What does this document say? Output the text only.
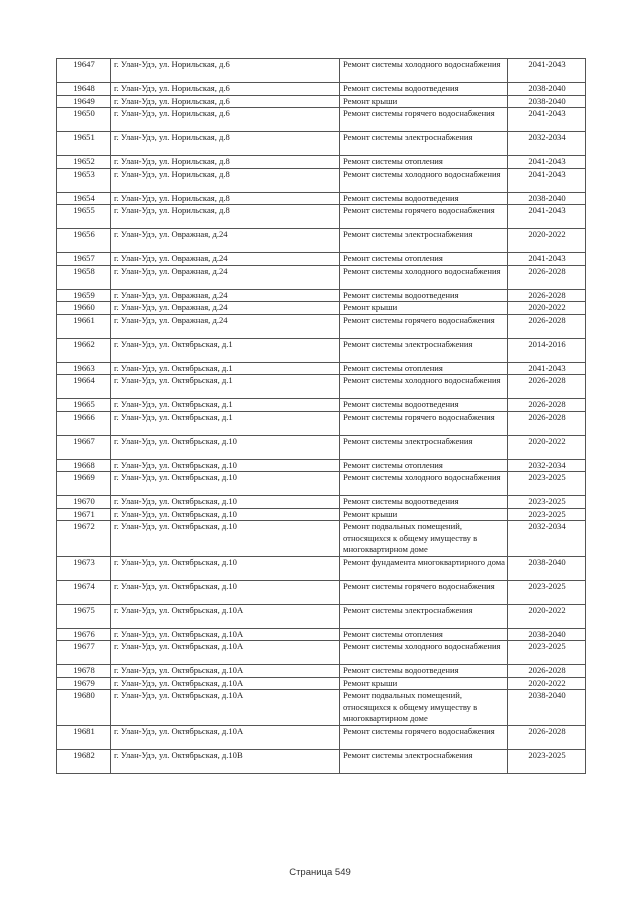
19647	г. Улан-Удэ, ул. Норильская, д.6	Ремонт системы холодного водоснабжения	2041-2043
19648	г. Улан-Удэ, ул. Норильская, д.6	Ремонт системы водоотведения	2038-2040
19649	г. Улан-Удэ, ул. Норильская, д.6	Ремонт крыши	2038-2040
19650	г. Улан-Удэ, ул. Норильская, д.6	Ремонт системы горячего водоснабжения	2041-2043
19651	г. Улан-Удэ, ул. Норильская, д.8	Ремонт системы электроснабжения	2032-2034
19652	г. Улан-Удэ, ул. Норильская, д.8	Ремонт системы отопления	2041-2043
19653	г. Улан-Удэ, ул. Норильская, д.8	Ремонт системы холодного водоснабжения	2041-2043
19654	г. Улан-Удэ, ул. Норильская, д.8	Ремонт системы водоотведения	2038-2040
19655	г. Улан-Удэ, ул. Норильская, д.8	Ремонт системы горячего водоснабжения	2041-2043
19656	г. Улан-Удэ, ул. Овражная, д.24	Ремонт системы электроснабжения	2020-2022
19657	г. Улан-Удэ, ул. Овражная, д.24	Ремонт системы отопления	2041-2043
19658	г. Улан-Удэ, ул. Овражная, д.24	Ремонт системы холодного водоснабжения	2026-2028
19659	г. Улан-Удэ, ул. Овражная, д.24	Ремонт системы водоотведения	2026-2028
19660	г. Улан-Удэ, ул. Овражная, д.24	Ремонт крыши	2020-2022
19661	г. Улан-Удэ, ул. Овражная, д.24	Ремонт системы горячего водоснабжения	2026-2028
19662	г. Улан-Удэ, ул. Октябрьская, д.1	Ремонт системы электроснабжения	2014-2016
19663	г. Улан-Удэ, ул. Октябрьская, д.1	Ремонт системы отопления	2041-2043
19664	г. Улан-Удэ, ул. Октябрьская, д.1	Ремонт системы холодного водоснабжения	2026-2028
19665	г. Улан-Удэ, ул. Октябрьская, д.1	Ремонт системы водоотведения	2026-2028
19666	г. Улан-Удэ, ул. Октябрьская, д.1	Ремонт системы горячего водоснабжения	2026-2028
19667	г. Улан-Удэ, ул. Октябрьская, д.10	Ремонт системы электроснабжения	2020-2022
19668	г. Улан-Удэ, ул. Октябрьская, д.10	Ремонт системы отопления	2032-2034
19669	г. Улан-Удэ, ул. Октябрьская, д.10	Ремонт системы холодного водоснабжения	2023-2025
19670	г. Улан-Удэ, ул. Октябрьская, д.10	Ремонт системы водоотведения	2023-2025
19671	г. Улан-Удэ, ул. Октябрьская, д.10	Ремонт крыши	2023-2025
19672	г. Улан-Удэ, ул. Октябрьская, д.10	Ремонт подвальных помещений, относящихся к общему имуществу в многоквартирном доме	2032-2034
19673	г. Улан-Удэ, ул. Октябрьская, д.10	Ремонт фундамента многоквартирного дома	2038-2040
19674	г. Улан-Удэ, ул. Октябрьская, д.10	Ремонт системы горячего водоснабжения	2023-2025
19675	г. Улан-Удэ, ул. Октябрьская, д.10А	Ремонт системы электроснабжения	2020-2022
19676	г. Улан-Удэ, ул. Октябрьская, д.10А	Ремонт системы отопления	2038-2040
19677	г. Улан-Удэ, ул. Октябрьская, д.10А	Ремонт системы холодного водоснабжения	2023-2025
19678	г. Улан-Удэ, ул. Октябрьская, д.10А	Ремонт системы водоотведения	2026-2028
19679	г. Улан-Удэ, ул. Октябрьская, д.10А	Ремонт крыши	2020-2022
19680	г. Улан-Удэ, ул. Октябрьская, д.10А	Ремонт подвальных помещений, относящихся к общему имуществу в многоквартирном доме	2038-2040
19681	г. Улан-Удэ, ул. Октябрьская, д.10А	Ремонт системы горячего водоснабжения	2026-2028
19682	г. Улан-Удэ, ул. Октябрьская, д.10В	Ремонт системы электроснабжения	2023-2025
Страница 549
